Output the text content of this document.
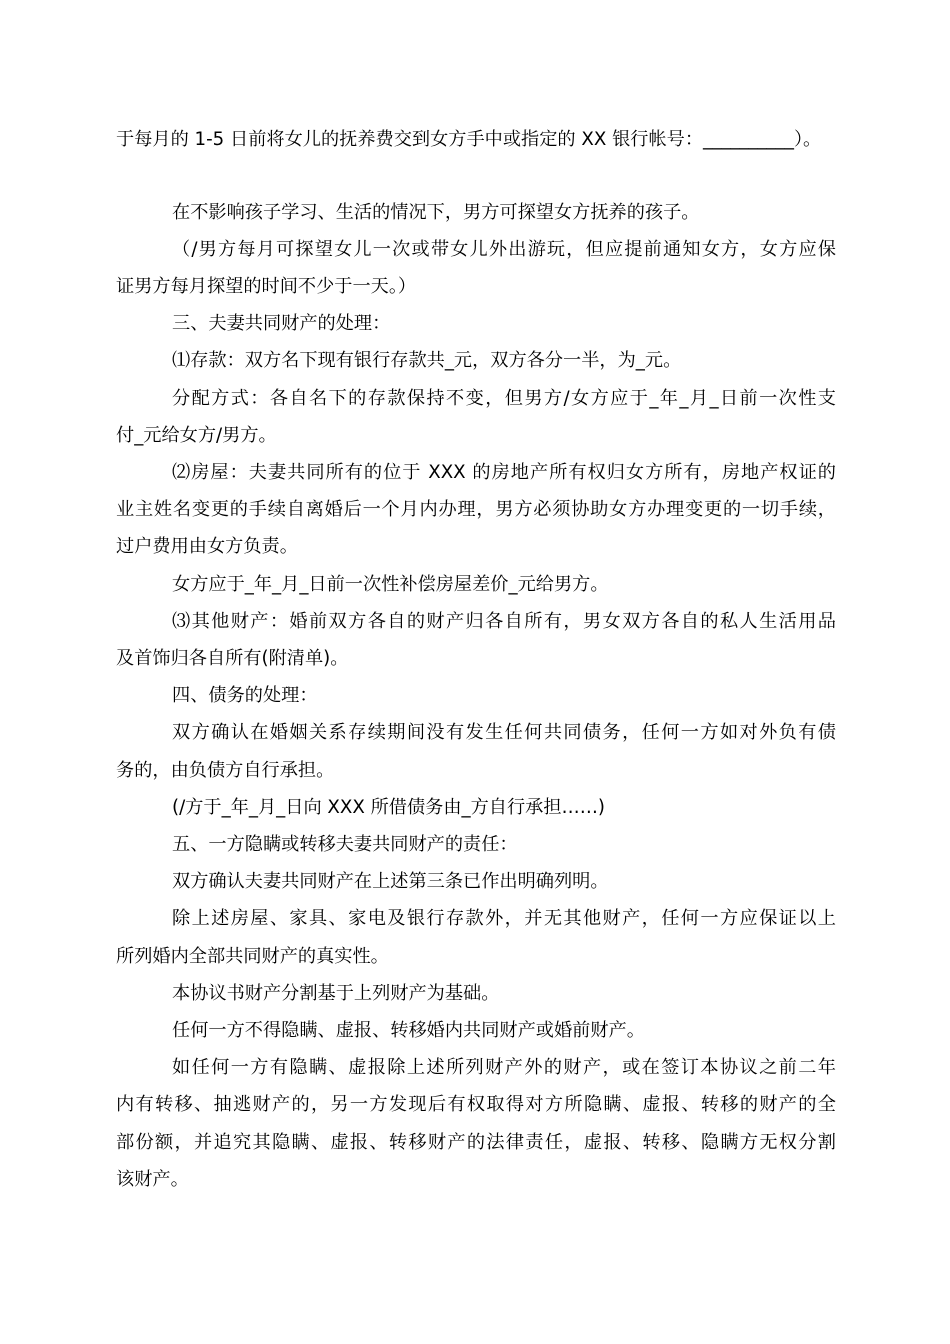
于每月的 1-5 日前将女儿的抚养费交到女方手中或指定的 XX 银行帐号：__________）。
在不影响孩子学习、生活的情况下，男方可探望女方抚养的孩子。
（/男方每月可探望女儿一次或带女儿外出游玩，但应提前通知女方，女方应保
证男方每月探望的时间不少于一天。）
三、夫妻共同财产的处理：
⑴存款：双方名下现有银行存款共_元，双方各分一半，为_元。
分配方式：各自名下的存款保持不变，但男方/女方应于_年_月_日前一次性支
付_元给女方/男方。
⑵房屋：夫妻共同所有的位于 XXX 的房地产所有权归女方所有，房地产权证的
业主姓名变更的手续自离婚后一个月内办理，男方必须协助女方办理变更的一切手续，
过户费用由女方负责。
女方应于_年_月_日前一次性补偿房屋差价_元给男方。
⑶其他财产：婚前双方各自的财产归各自所有，男女双方各自的私人生活用品
及首饰归各自所有(附清单)。
四、债务的处理：
双方确认在婚姻关系存续期间没有发生任何共同债务，任何一方如对外负有债
务的，由负债方自行承担。
(/方于_年_月_日向 XXX 所借债务由_方自行承担……)
五、一方隐瞒或转移夫妻共同财产的责任：
双方确认夫妻共同财产在上述第三条已作出明确列明。
除上述房屋、家具、家电及银行存款外，并无其他财产，任何一方应保证以上
所列婚内全部共同财产的真实性。
本协议书财产分割基于上列财产为基础。
任何一方不得隐瞒、虚报、转移婚内共同财产或婚前财产。
如任何一方有隐瞒、虚报除上述所列财产外的财产，或在签订本协议之前二年
内有转移、抽逃财产的，另一方发现后有权取得对方所隐瞒、虚报、转移的财产的全
部份额，并追究其隐瞒、虚报、转移财产的法律责任，虚报、转移、隐瞒方无权分割
该财产。
